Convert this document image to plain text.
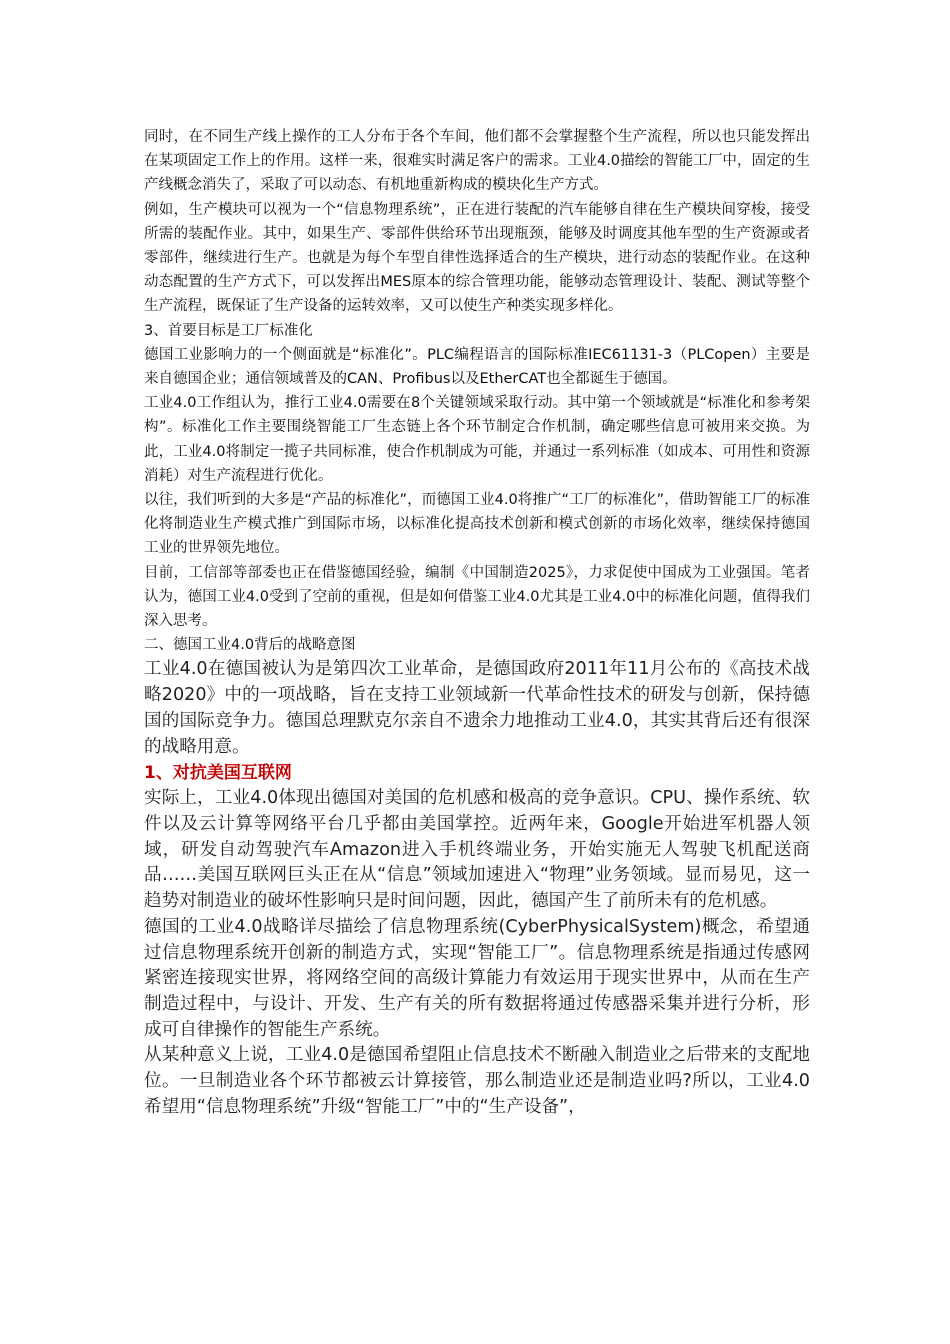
同时，在不同生产线上操作的工人分布于各个车间，他们都不会掌握整个生产流程，所以也只能发挥出在某项固定工作上的作用。这样一来，很难实时满足客户的需求。工业4.0描绘的智能工厂中，固定的生产线概念消失了，采取了可以动态、有机地重新构成的模块化生产方式。

例如，生产模块可以视为一个“信息物理系统”，正在进行装配的汽车能够自律在生产模块间穿梭，接受所需的装配作业。其中，如果生产、零部件供给环节出现瓶颈，能够及时调度其他车型的生产资源或者零部件，继续进行生产。也就是为每个车型自律性选择适合的生产模块，进行动态的装配作业。在这种动态配置的生产方式下，可以发挥出MES原本的综合管理功能，能够动态管理设计、装配、测试等整个生产流程，既保证了生产设备的运转效率，又可以使生产种类实现多样化。

3、首要目标是工厂标准化

德国工业影响力的一个侧面就是“标准化”。PLC编程语言的国际标准IEC61131-3（PLCopen）主要是来自德国企业；通信领域普及的CAN、Profibus以及EtherCAT也全都诞生于德国。

工业4.0工作组认为，推行工业4.0需要在8个关键领域采取行动。其中第一个领域就是“标准化和参考架构”。标准化工作主要围绕智能工厂生态链上各个环节制定合作机制，确定哪些信息可被用来交换。为此，工业4.0将制定一揽子共同标准，使合作机制成为可能，并通过一系列标准（如成本、可用性和资源消耗）对生产流程进行优化。

以往，我们听到的大多是“产品的标准化”，而德国工业4.0将推广“工厂的标准化”，借助智能工厂的标准化将制造业生产模式推广到国际市场，以标准化提高技术创新和模式创新的市场化效率，继续保持德国工业的世界领先地位。

目前，工信部等部委也正在借鉴德国经验，编制《中国制造2025》，力求促使中国成为工业强国。笔者认为，德国工业4.0受到了空前的重视，但是如何借鉴工业4.0尤其是工业4.0中的标准化问题，值得我们深入思考。

二、德国工业4.0背后的战略意图

工业4.0在德国被认为是第四次工业革命，是德国政府2011年11月公布的《高技术战略2020》中的一项战略，旨在支持工业领域新一代革命性技术的研发与创新，保持德国的国际竞争力。德国总理默克尔亲自不遗余力地推动工业4.0，其实其背后还有很深的战略用意。

1、对抗美国互联网

实际上，工业4.0体现出德国对美国的危机感和极高的竞争意识。CPU、操作系统、软件以及云计算等网络平台几乎都由美国掌控。近两年来，Google开始进军机器人领域，研发自动驾驶汽车Amazon进入手机终端业务，开始实施无人驾驶飞机配送商品……美国互联网巨头正在从“信息”领域加速进入“物理”业务领域。显而易见，这一趋势对制造业的破坏性影响只是时间问题，因此，德国产生了前所未有的危机感。

德国的工业4.0战略详尽描绘了信息物理系统(CyberPhysicalSystem)概念，希望通过信息物理系统开创新的制造方式，实现“智能工厂”。信息物理系统是指通过传感网紧密连接现实世界，将网络空间的高级计算能力有效运用于现实世界中，从而在生产制造过程中，与设计、开发、生产有关的所有数据将通过传感器采集并进行分析，形成可自律操作的智能生产系统。

从某种意义上说，工业4.0是德国希望阻止信息技术不断融入制造业之后带来的支配地位。一旦制造业各个环节都被云计算接管，那么制造业还是制造业吗?所以，工业4.0希望用“信息物理系统”升级“智能工厂”中的“生产设备”，
